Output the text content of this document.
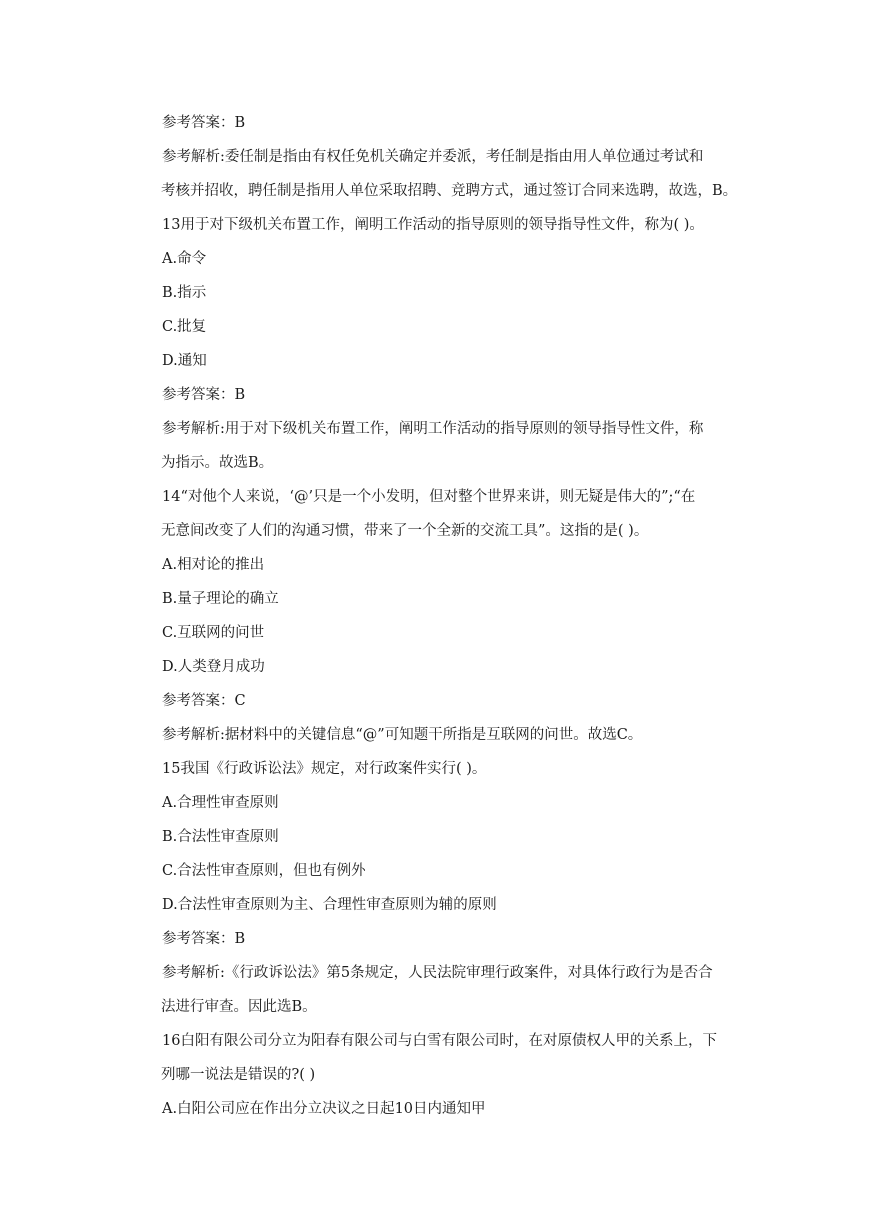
参考答案：B
参考解析:委任制是指由有权任免机关确定并委派，考任制是指由用人单位通过考试和
考核并招收，聘任制是指用人单位采取招聘、竞聘方式，通过签订合同来选聘，故选，B。
13用于对下级机关布置工作，阐明工作活动的指导原则的领导指导性文件，称为( )。
A.命令
B.指示
C.批复
D.通知
参考答案：B
参考解析:用于对下级机关布置工作，阐明工作活动的指导原则的领导指导性文件，称
为指示。故选B。
14“对他个人来说，‘@’只是一个小发明，但对整个世界来讲，则无疑是伟大的”;“在
无意间改变了人们的沟通习惯，带来了一个全新的交流工具”。这指的是( )。
A.相对论的推出
B.量子理论的确立
C.互联网的问世
D.人类登月成功
参考答案：C
参考解析:据材料中的关键信息“@”可知题干所指是互联网的问世。故选C。
15我国《行政诉讼法》规定，对行政案件实行( )。
A.合理性审查原则
B.合法性审查原则
C.合法性审查原则，但也有例外
D.合法性审查原则为主、合理性审查原则为辅的原则
参考答案：B
参考解析:《行政诉讼法》第5条规定，人民法院审理行政案件，对具体行政行为是否合
法进行审查。因此选B。
16白阳有限公司分立为阳春有限公司与白雪有限公司时，在对原债权人甲的关系上，下
列哪一说法是错误的?( )
A.白阳公司应在作出分立决议之日起10日内通知甲
